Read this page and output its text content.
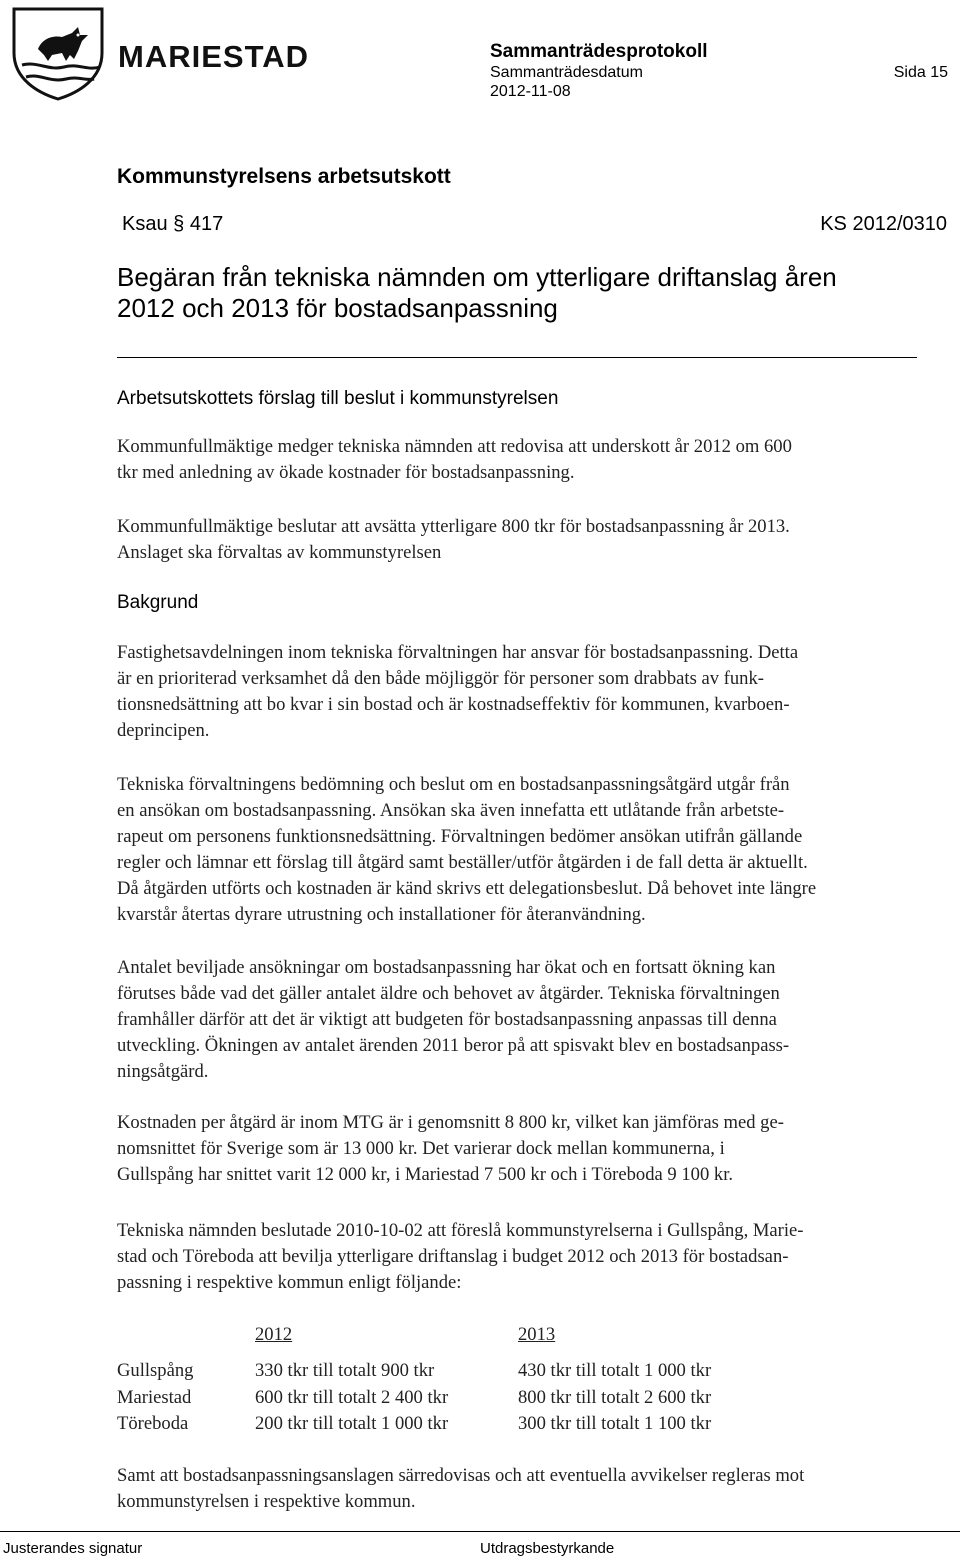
MARIESTAD	Sammanträdesprotokoll
Sammanträdesdatum
2012-11-08
Sida 15
Kommunstyrelsens arbetsutskott
Ksau § 417	KS 2012/0310
Begäran från tekniska nämnden om ytterligare driftanslag åren
2012 och 2013 för bostadsanpassning
Arbetsutskottets förslag till beslut i kommunstyrelsen
Kommunfullmäktige medger tekniska nämnden att redovisa att underskott år 2012 om 600
tkr med anledning av ökade kostnader för bostadsanpassning.
Kommunfullmäktige beslutar att avsätta ytterligare 800 tkr för bostadsanpassning år 2013.
Anslaget ska förvaltas av kommunstyrelsen
Bakgrund
Fastighetsavdelningen inom tekniska förvaltningen har ansvar för bostadsanpassning. Detta
är en prioriterad verksamhet då den både möjliggör för personer som drabbats av funk-
tionsnedsättning att bo kvar i sin bostad och är kostnadseffektiv för kommunen, kvarboen-
deprincipen.
Tekniska förvaltningens bedömning och beslut om en bostadsanpassningsåtgärd utgår från
en ansökan om bostadsanpassning. Ansökan ska även innefatta ett utlåtande från arbetste-
rapeut om personens funktionsnedsättning. Förvaltningen bedömer ansökan utifrån gällande
regler och lämnar ett förslag till åtgärd samt beställer/utför åtgärden i de fall detta är aktuellt.
Då åtgärden utförts och kostnaden är känd skrivs ett delegationsbeslut. Då behovet inte längre
kvarstår återtas dyrare utrustning och installationer för återanvändning.
Antalet beviljade ansökningar om bostadsanpassning har ökat och en fortsatt ökning kan
förutses både vad det gäller antalet äldre och behovet av åtgärder. Tekniska förvaltningen
framhåller därför att det är viktigt att budgeten för bostadsanpassning anpassas till denna
utveckling. Ökningen av antalet ärenden 2011 beror på att spisvakt blev en bostadsanpass-
ningsåtgärd.
Kostnaden per åtgärd är inom MTG är i genomsnitt 8 800 kr, vilket kan jämföras med ge-
nomsnittet för Sverige som är 13 000 kr. Det varierar dock mellan kommunerna, i
Gullspång har snittet varit 12 000 kr, i Mariestad 7 500 kr och i Töreboda 9 100 kr.
Tekniska nämnden beslutade 2010-10-02 att föreslå kommunstyrelserna i Gullspång, Marie-
stad och Töreboda att bevilja ytterligare driftanslag i budget 2012 och 2013 för bostadsan-
passning i respektive kommun enligt följande:
	2012	2013
Gullspång	330 tkr till totalt 900 tkr	430 tkr till totalt 1 000 tkr
Mariestad	600 tkr till totalt 2 400 tkr	800 tkr till totalt 2 600 tkr
Töreboda	200 tkr till totalt 1 000 tkr	300 tkr till totalt 1 100 tkr
Samt att bostadsanpassningsanslagen särredovisas och att eventuella avvikelser regleras mot
kommunstyrelsen i respektive kommun.
Justerandes signatur	Utdragsbestyrkande
